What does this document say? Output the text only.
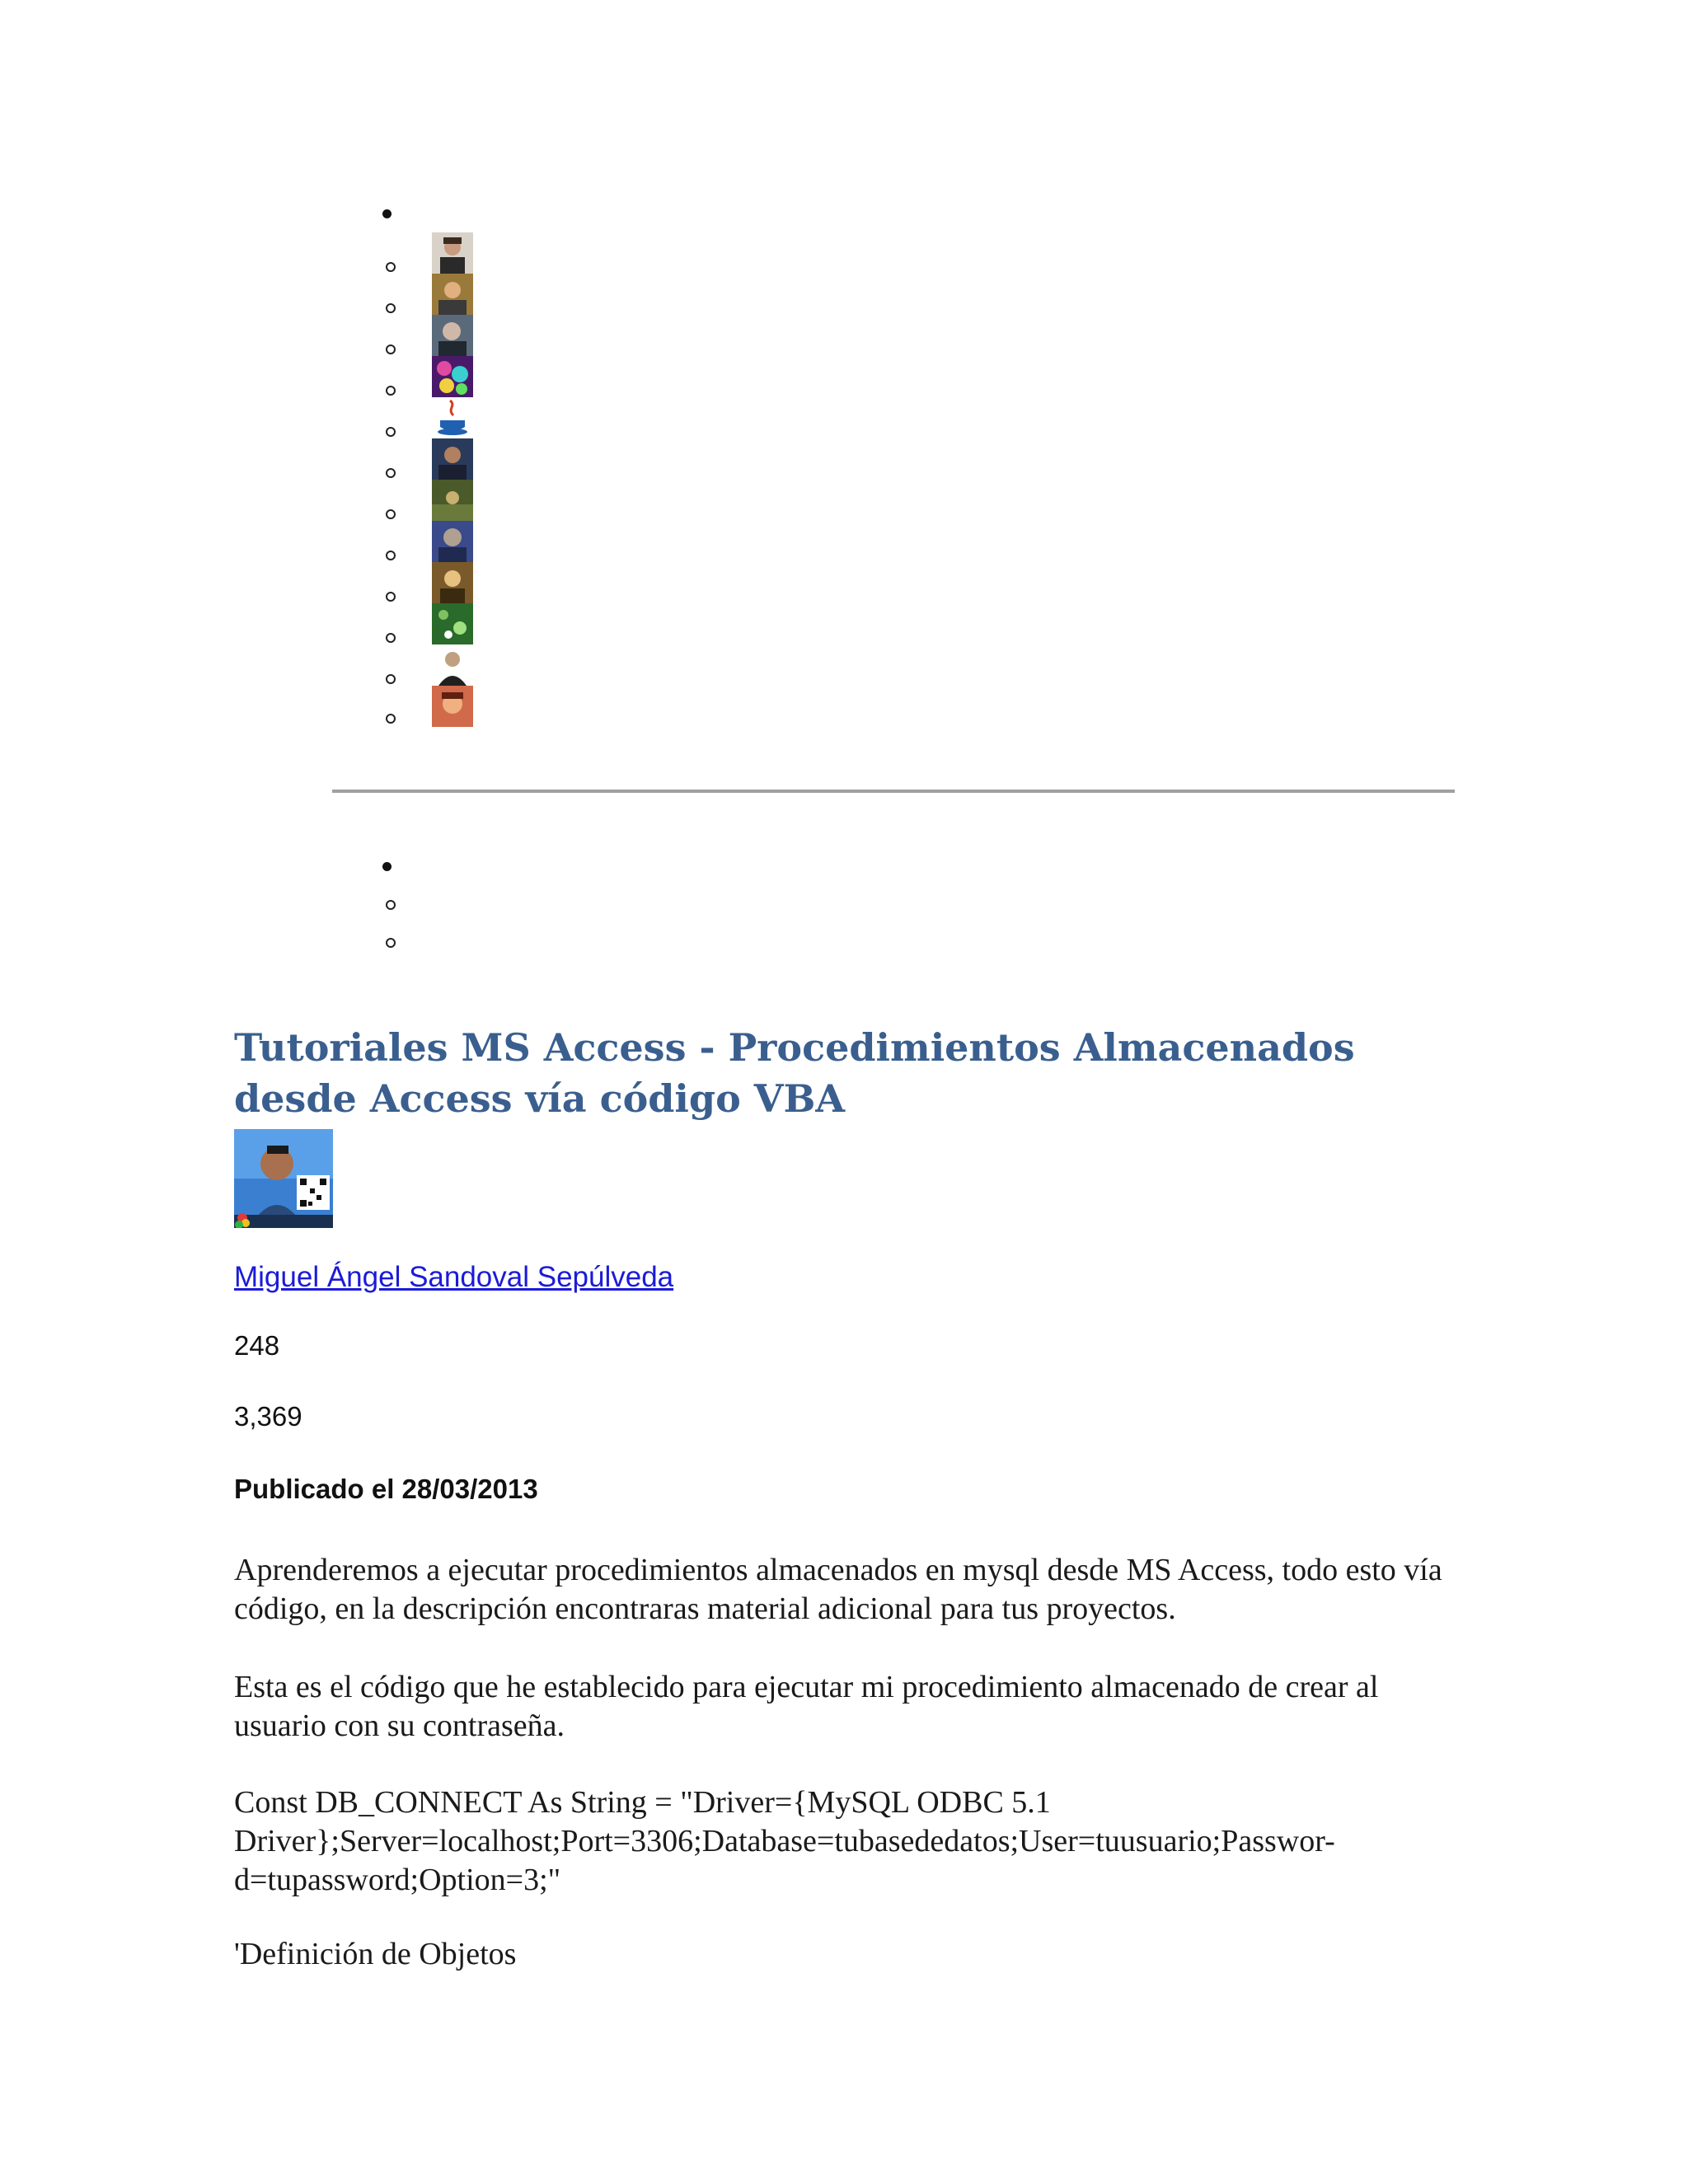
Tutoriales MS Access - Procedimientos Almacenados desde Access vía código VBA
Miguel Ángel Sandoval Sepúlveda
248
3,369
Publicado el 28/03/2013

Aprenderemos a ejecutar procedimientos almacenados en mysql desde MS Access, todo esto vía código, en la descripción encontraras material adicional para tus proyectos.

Esta es el código que he establecido para ejecutar mi procedimiento almacenado de crear al usuario con su contraseña.

Const DB_CONNECT As String = "Driver={MySQL ODBC 5.1
Driver};Server=localhost;Port=3306;Database=tubasededatos;User=tuusuario;Passwor-
d=tupassword;Option=3;"
'Definición de Objetos
